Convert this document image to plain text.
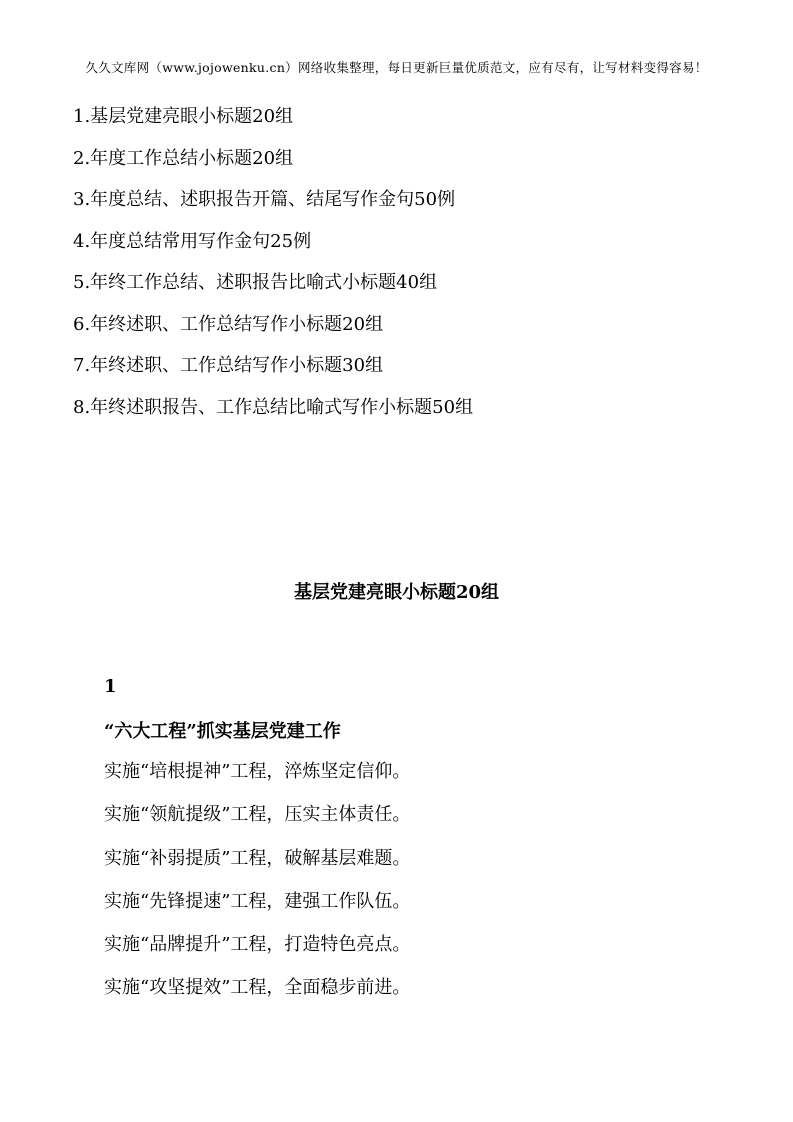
久久文库网（www.jojowenku.cn）网络收集整理，每日更新巨量优质范文，应有尽有，让写材料变得容易！
1.基层党建亮眼小标题20组
2.年度工作总结小标题20组
3.年度总结、述职报告开篇、结尾写作金句50例
4.年度总结常用写作金句25例
5.年终工作总结、述职报告比喻式小标题40组
6.年终述职、工作总结写作小标题20组
7.年终述职、工作总结写作小标题30组
8.年终述职报告、工作总结比喻式写作小标题50组
基层党建亮眼小标题20组
1
“六大工程”抓实基层党建工作
实施“培根提神”工程，淬炼坚定信仰。
实施“领航提级”工程，压实主体责任。
实施“补弱提质”工程，破解基层难题。
实施“先锋提速”工程，建强工作队伍。
实施“品牌提升”工程，打造特色亮点。
实施“攻坚提效”工程，全面稳步前进。
